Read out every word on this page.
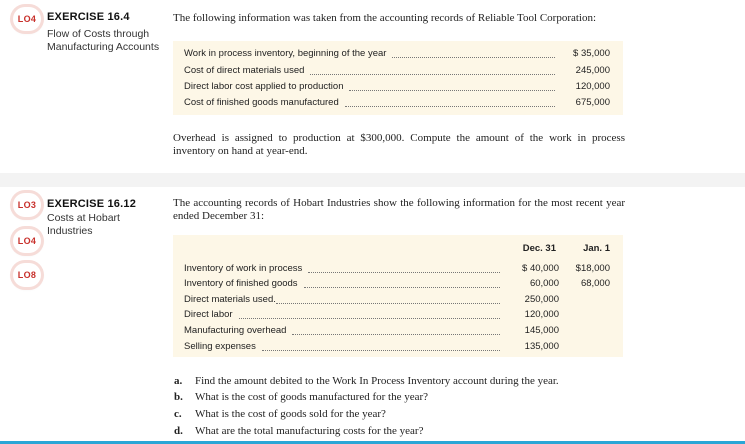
LO4 EXERCISE 16.4
Flow of Costs through Manufacturing Accounts
The following information was taken from the accounting records of Reliable Tool Corporation:
Work in process inventory, beginning of the year	$ 35,000
Cost of direct materials used	245,000
Direct labor cost applied to production	120,000
Cost of finished goods manufactured	675,000
Overhead is assigned to production at $300,000. Compute the amount of the work in process inventory on hand at year-end.
LO3
LO4
LO8
EXERCISE 16.12
Costs at Hobart Industries
The accounting records of Hobart Industries show the following information for the most recent year ended December 31:
Dec. 31	Jan. 1
Inventory of work in process	$ 40,000	$18,000
Inventory of finished goods	60,000	68,000
Direct materials used.	250,000
Direct labor	120,000
Manufacturing overhead	145,000
Selling expenses	135,000
a. Find the amount debited to the Work In Process Inventory account during the year.
b. What is the cost of goods manufactured for the year?
c. What is the cost of goods sold for the year?
d. What are the total manufacturing costs for the year?
